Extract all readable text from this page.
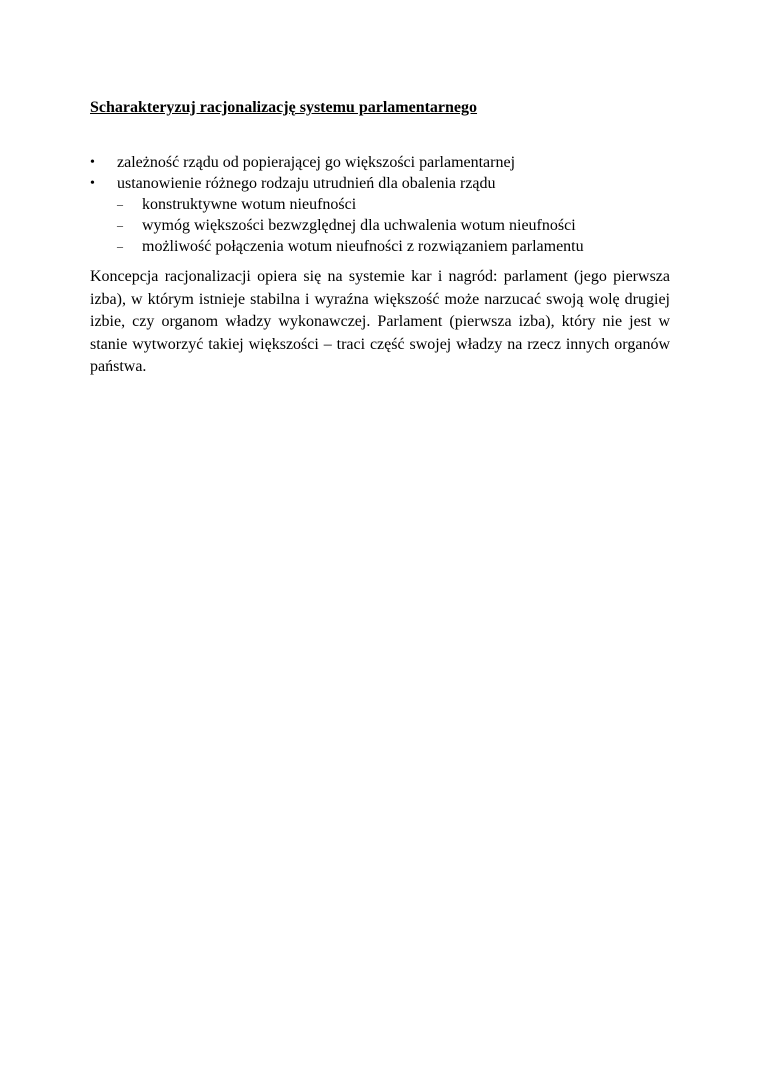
Scharakteryzuj racjonalizację systemu parlamentarnego
•	zależność rządu od popierającej go większości parlamentarnej
•	ustanowienie różnego rodzaju utrudnień dla obalenia rządu
– konstruktywne wotum nieufności
– wymóg większości bezwzględnej dla uchwalenia wotum nieufności
– możliwość połączenia wotum nieufności z rozwiązaniem parlamentu

Koncepcja racjonalizacji opiera się na systemie kar i nagród: parlament (jego pierwsza izba), w którym istnieje stabilna i wyraźna większość może narzucać swoją wolę drugiej izbie, czy organom władzy wykonawczej. Parlament (pierwsza izba), który nie jest w stanie wytworzyć takiej większości – traci część swojej władzy na rzecz innych organów państwa.
